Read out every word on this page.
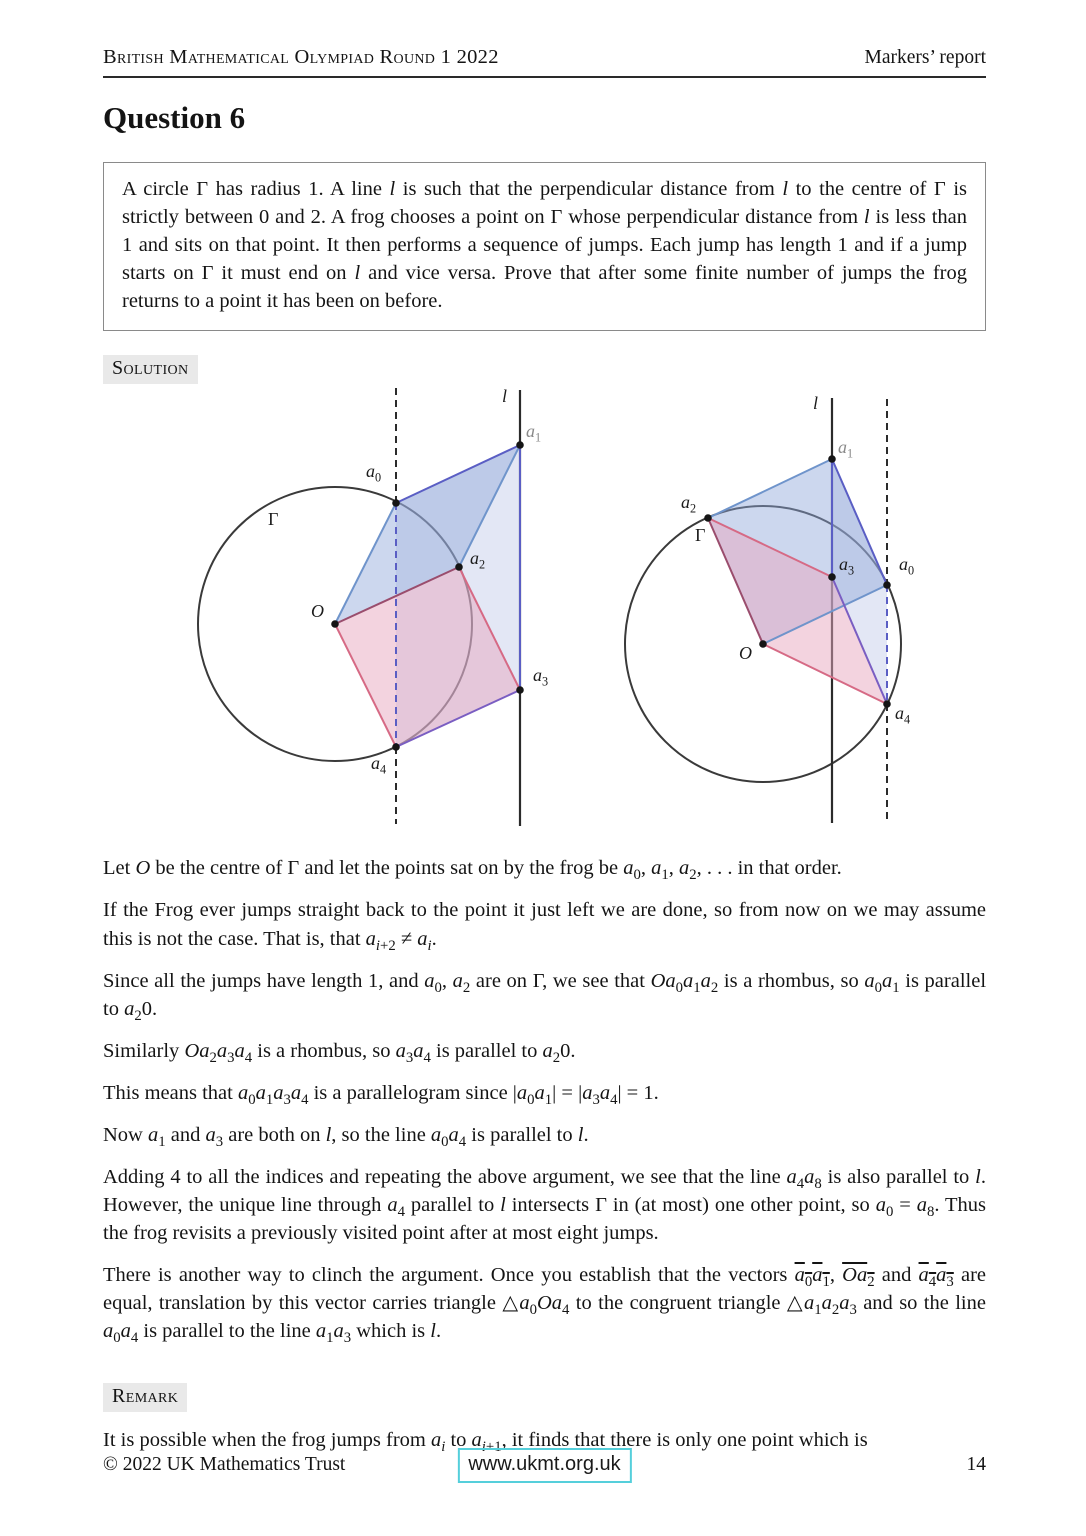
British Mathematical Olympiad Round 1 2022	Markers’ report
Question 6
A circle Γ has radius 1. A line l is such that the perpendicular distance from l to the centre of Γ is strictly between 0 and 2. A frog chooses a point on Γ whose perpendicular distance from l is less than 1 and sits on that point. It then performs a sequence of jumps. Each jump has length 1 and if a jump starts on Γ it must end on l and vice versa. Prove that after some finite number of jumps the frog returns to a point it has been on before.
Solution
l
$a_1$
$a_0$
Γ
$a_2$
O
$a_3$
$a_4$
l
$a_1$
$a_2$
Γ
$a_3$ $a_0$
O
$a_4$

Let O be the centre of Γ and let the points sat on by the frog be $a_0$, $a_1$, $a_2$, . . . in that order.

If the Frog ever jumps straight back to the point it just left we are done, so from now on we may assume this is not the case. That is, that $a_{i+2} \ne a_i$.

Since all the jumps have length 1, and $a_0$, $a_2$ are on Γ, we see that $Oa_0a_1a_2$ is a rhombus, so $a_0a_1$ is parallel to $a_20$.

Similarly $Oa_2a_3a_4$ is a rhombus, so $a_3a_4$ is parallel to $a_20$.

This means that $a_0a_1a_3a_4$ is a parallelogram since $|a_0a_1| = |a_3a_4| = 1$.

Now $a_1$ and $a_3$ are both on l, so the line $a_0a_4$ is parallel to l.

Adding 4 to all the indices and repeating the above argument, we see that the line $a_4a_8$ is also parallel to l. However, the unique line through $a_4$ parallel to l intersects Γ in (at most) one other point, so $a_0 = a_8$. Thus the frog revisits a previously visited point after at most eight jumps.

There is another way to clinch the argument. Once you establish that the vectors $a_0a_1$, $Oa_2$ and $a_4a_3$ are equal, translation by this vector carries triangle $\triangle a_0Oa_4$ to the congruent triangle $\triangle a_1a_2a_3$ and so the line $a_0a_4$ is parallel to the line $a_1a_3$ which is l.

Remark

It is possible when the frog jumps from $a_i$ to $a_{i+1}$, it finds that there is only one point which is

© 2022 UK Mathematics Trust	www.ukmt.org.uk	14
